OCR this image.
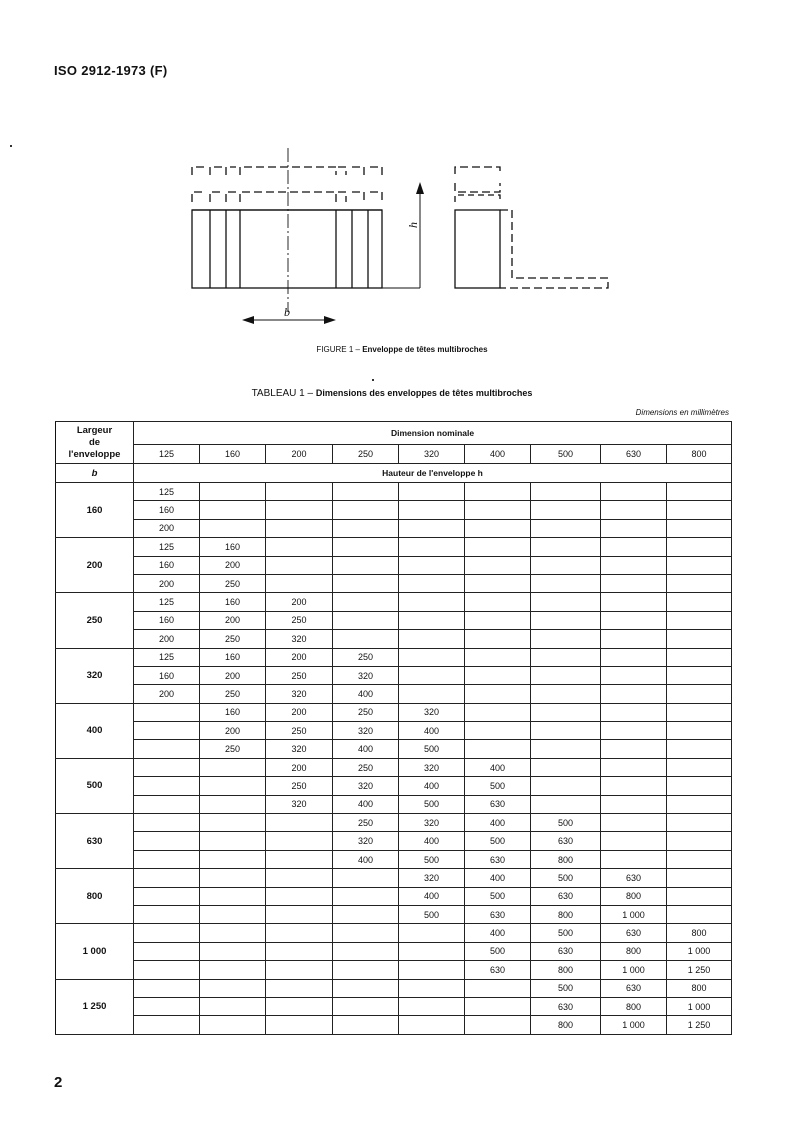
ISO 2912-1973 (F)
b
h
FIGURE 1 – Enveloppe de têtes multibroches
TABLEAU 1 – Dimensions des enveloppes de têtes multibroches
Dimensions en millimètres
Largeur
de
l'enveloppe	Dimension nominale								
	125	160	200	250	320	400	500	630	800
b	Hauteur de l'enveloppe h								
160	125								
	160								
	200								
200	125	160							
	160	200							
	200	250							
250	125	160	200						
	160	200	250						
	200	250	320						
320	125	160	200	250					
	160	200	250	320					
	200	250	320	400					
400		160	200	250	320				
		200	250	320	400				
		250	320	400	500				
500			200	250	320	400			
			250	320	400	500			
			320	400	500	630			
630				250	320	400	500		
				320	400	500	630		
				400	500	630	800		
800					320	400	500	630	
					400	500	630	800	
					500	630	800	1 000	
1 000						400	500	630	800
						500	630	800	1 000
						630	800	1 000	1 250
1 250							500	630	800
							630	800	1 000
							800	1 000	1 250
2
